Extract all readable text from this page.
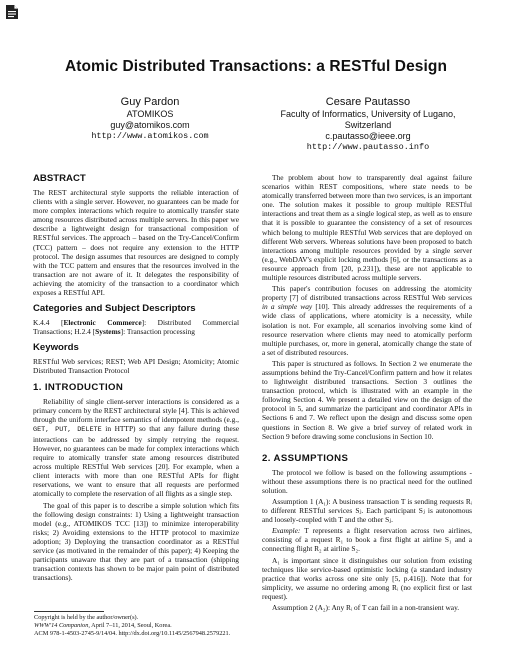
Atomic Distributed Transactions: a RESTful Design
Guy Pardon
ATOMIKOS
guy@atomikos.com
http://www.atomikos.com
Cesare Pautasso
Faculty of Informatics, University of Lugano, Switzerland
c.pautasso@ieee.org
http://www.pautasso.info
ABSTRACT

The REST architectural style supports the reliable interaction of clients with a single server. However, no guarantees can be made for more complex interactions which require to atomically transfer state among resources distributed across multiple servers. In this paper we describe a lightweight design for transactional composition of RESTful services. The approach – based on the Try-Cancel/Confirm (TCC) pattern – does not require any extension to the HTTP protocol. The design assumes that resources are designed to comply with the TCC pattern and ensures that the resources involved in the transaction are not aware of it. It delegates the responsibility of achieving the atomicity of the transaction to a coordinator which exposes a RESTful API.

Categories and Subject Descriptors

K.4.4 [Electronic Commerce]: Distributed Commercial Transactions; H.2.4 [Systems]: Transaction processing

Keywords

RESTful Web services; REST; Web API Design; Atomicity; Atomic Distributed Transaction Protocol

1. INTRODUCTION

Reliability of single client-server interactions is considered as a primary concern by the REST architectural style [4]. This is achieved through the uniform interface semantics of idempotent methods (e.g., GET, PUT, DELETE in HTTP) so that any failure during these interactions can be addressed by simply retrying the request. However, no guarantees can be made for complex interactions which require to atomically transfer state among resources distributed across multiple RESTful Web services [20]. For example, when a client interacts with more than one RESTful APIs for flight reservations, we want to ensure that all requests are performed atomically to complete the reservation of all flights as a single step.

The goal of this paper is to describe a simple solution which fits the following design constraints: 1) Using a lightweight transaction model (e.g., ATOMIKOS TCC [13]) to minimize interoperability risks; 2) Avoiding extensions to the HTTP protocol to maximize adoption; 3) Deploying the transaction coordinator as a RESTful service (as motivated in the remainder of this paper); 4) Keeping the participants unaware that they are part of a transaction (shipping transaction contexts has shown to be major pain point of distributed transactions).

Copyright is held by the author/owner(s).
WWW'14 Companion, April 7–11, 2014, Seoul, Korea.
ACM 978-1-4503-2745-9/14/04. http://dx.doi.org/10.1145/2567948.2579221.

The problem about how to transparently deal against failure scenarios within REST compositions, where state needs to be atomically transferred between more than two services, is an important one. The solution makes it possible to group multiple RESTful interactions and treat them as a single logical step, as well as to ensure that it is possible to guarantee the consistency of a set of resources which belong to multiple RESTful Web services that are deployed on different Web servers. Whereas solutions have been proposed to batch interactions among multiple resources provided by a single server (e.g., WebDAV's explicit locking methods [6], or the transactions as a resource approach from [20, p.231]), these are not applicable to multiple resources distributed across multiple servers.

This paper's contribution focuses on addressing the atomicity property [7] of distributed transactions across RESTful Web services in a simple way [10]. This already addresses the requirements of a wide class of applications, where atomicity is a necessity, while isolation is not. For example, all scenarios involving some kind of resource reservation where clients may need to atomically perform multiple purchases, or, more in general, atomically change the state of a set of distributed resources.

This paper is structured as follows. In Section 2 we enumerate the assumptions behind the Try-Cancel/Confirm pattern and how it relates to lightweight distributed transactions. Section 3 outlines the transaction protocol, which is illustrated with an example in the following Section 4. We present a detailed view on the design of the protocol in 5, and summarize the participant and coordinator APIs in Sections 6 and 7. We reflect upon the design and discuss some open questions in Section 8. We give a brief survey of related work in Section 9 before drawing some conclusions in Section 10.

2. ASSUMPTIONS

The protocol we follow is based on the following assumptions - without these assumptions there is no practical need for the outlined solution.

Assumption 1 (A₁): A business transaction T is sending requests Rᵢ to different RESTful services Sⱼ. Each participant Sⱼ is autonomous and loosely-coupled with T and the other Sⱼ.

Example: T represents a flight reservation across two airlines, consisting of a request R₁ to book a first flight at airline S₁ and a connecting flight R₂ at airline S₂.

A₁ is important since it distinguishes our solution from existing techniques like service-based optimistic locking (a standard industry practice that works across one site only [5, p.416]). Note that for simplicity, we assume no ordering among Rᵢ (no explicit first or last request).

Assumption 2 (A₂): Any Rᵢ of T can fail in a non-transient way.
